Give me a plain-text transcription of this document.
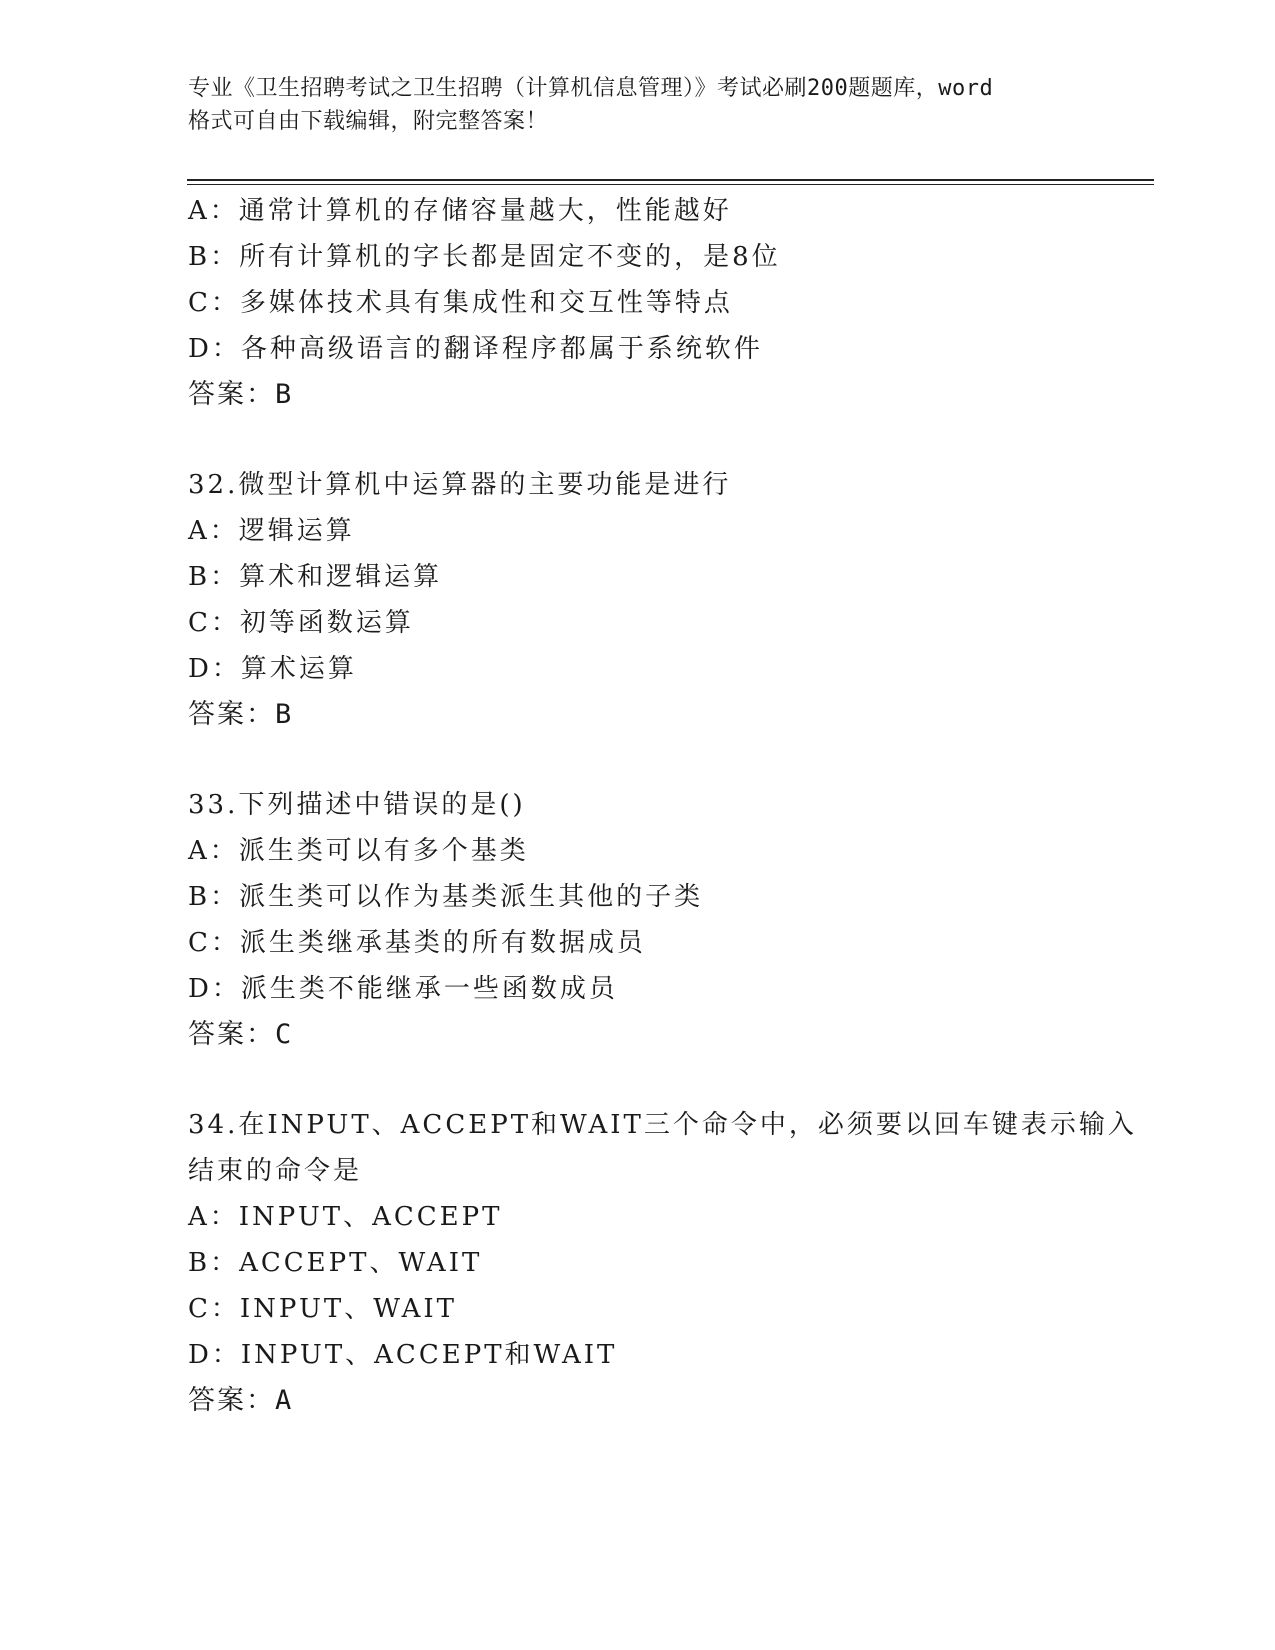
专业《卫生招聘考试之卫生招聘（计算机信息管理）》考试必刷200题题库，word
格式可自由下载编辑，附完整答案！
A：通常计算机的存储容量越大，性能越好
B：所有计算机的字长都是固定不变的，是8位
C：多媒体技术具有集成性和交互性等特点
D：各种高级语言的翻译程序都属于系统软件
答案：B
32.微型计算机中运算器的主要功能是进行
A：逻辑运算
B：算术和逻辑运算
C：初等函数运算
D：算术运算
答案：B
33.下列描述中错误的是()
A：派生类可以有多个基类
B：派生类可以作为基类派生其他的子类
C：派生类继承基类的所有数据成员
D：派生类不能继承一些函数成员
答案：C
34.在INPUT、ACCEPT和WAIT三个命令中，必须要以回车键表示输入
结束的命令是
A：INPUT、ACCEPT
B：ACCEPT、WAIT
C：INPUT、WAIT
D：INPUT、ACCEPT和WAIT
答案：A
